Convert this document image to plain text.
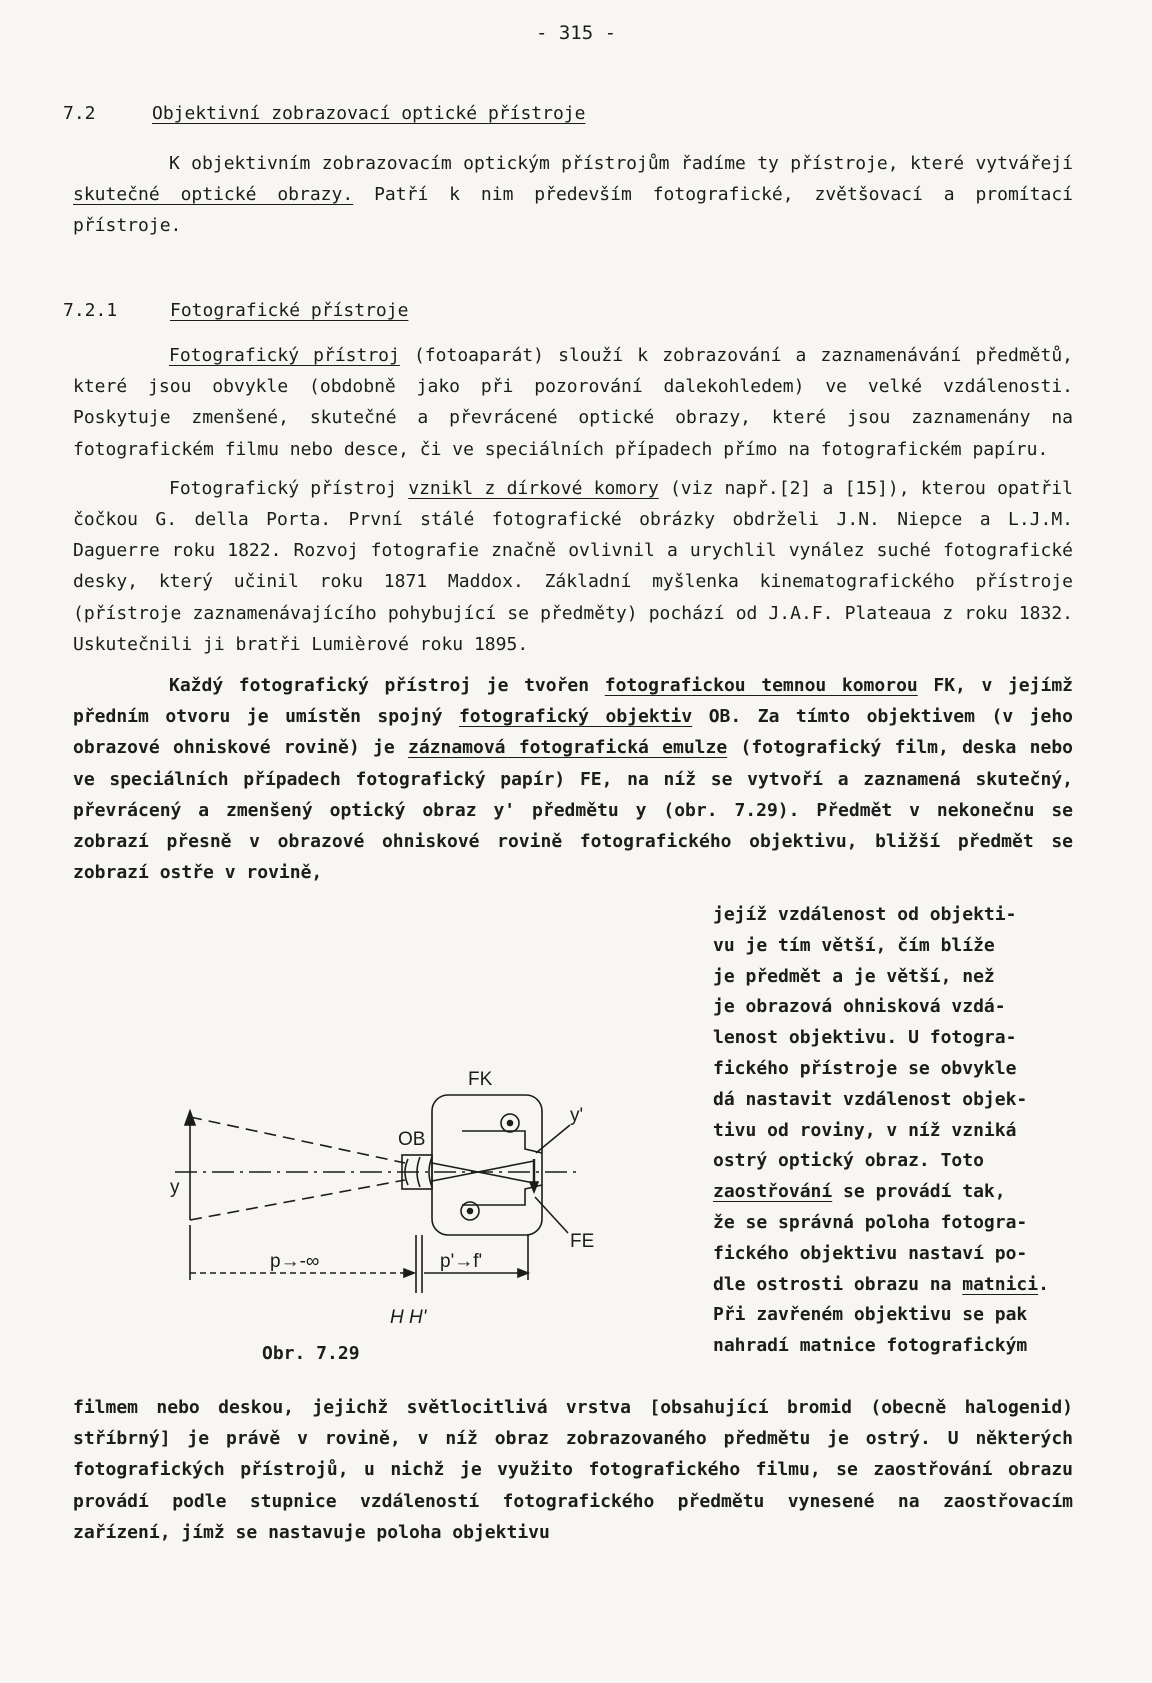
- 315 -
7.2	Objektivní zobrazovací optické přístroje

K objektivním zobrazovacím optickým přístrojům řadíme ty přístroje, které vytvářejí skutečné optické obrazy. Patří k nim především fotografické, zvětšovací a promítací přístroje.

7.2.1	Fotografické přístroje

Fotografický přístroj (fotoaparát) slouží k zobrazování a zaznamenávání předmětů, které jsou obvykle (obdobně jako při pozorování dalekohledem) ve velké vzdálenosti. Poskytuje zmenšené, skutečné a převrácené optické obrazy, které jsou zaznamenány na fotografickém filmu nebo desce, či ve speciálních případech přímo na fotografickém papíru.

Fotografický přístroj vznikl z dírkové komory (viz např.[2] a [15]), kterou opatřil čočkou G. della Porta. První stálé fotografické obrázky obdrželi J.N. Niepce a L.J.M. Daguerre roku 1822. Rozvoj fotografie značně ovlivnil a urychlil vynález suché fotografické desky, který učinil roku 1871 Maddox. Základní myšlenka kinematografického přístroje (přístroje zaznamenávajícího pohybující se předměty) pochází od J.A.F. Plateaua z roku 1832. Uskutečnili ji bratři Lumièrové roku 1895.

Každý fotografický přístroj je tvořen fotografickou temnou komorou FK, v jejímž předním otvoru je umístěn spojný fotografický objektiv OB. Za tímto objektivem (v jeho obrazové ohniskové rovině) je záznamová fotografická emulze (fotografický film, deska nebo ve speciálních případech fotografický papír) FE, na níž se vytvoří a zaznamená skutečný, převrácený a zmenšený optický obraz y' předmětu y (obr. 7.29). Předmět v nekonečnu se zobrazí přesně v obrazové ohniskové rovině fotografického objektivu, bližší předmět se zobrazí ostře v rovině,

jejíž vzdálenost od objekti-
vu je tím větší, čím blíže
je předmět a je větší, než
je obrazová ohnisková vzdá-
lenost objektivu. U fotogra-
fického přístroje se obvykle
dá nastavit vzdálenost objek-
tivu od roviny, v níž vzniká
ostrý optický obraz. Toto
zaostřování se provádí tak,
že se správná poloha fotogra-
fického objektivu nastaví po-
dle ostrosti obrazu na matnici.
Při zavřeném objektivu se pak
nahradí matnice fotografickým
FK
OB
y
y'
FE
p→-∞	p'→f'
H H'
Obr. 7.29

filmem nebo deskou, jejichž světlocitlivá vrstva [obsahující bromid (obecně halogenid) stříbrný] je právě v rovině, v níž obraz zobrazovaného předmětu je ostrý. U některých fotografických přístrojů, u nichž je využito fotografického filmu, se zaostřování obrazu provádí podle stupnice vzdáleností fotografického předmětu vynesené na zaostřovacím zařízení, jímž se nastavuje poloha objektivu
